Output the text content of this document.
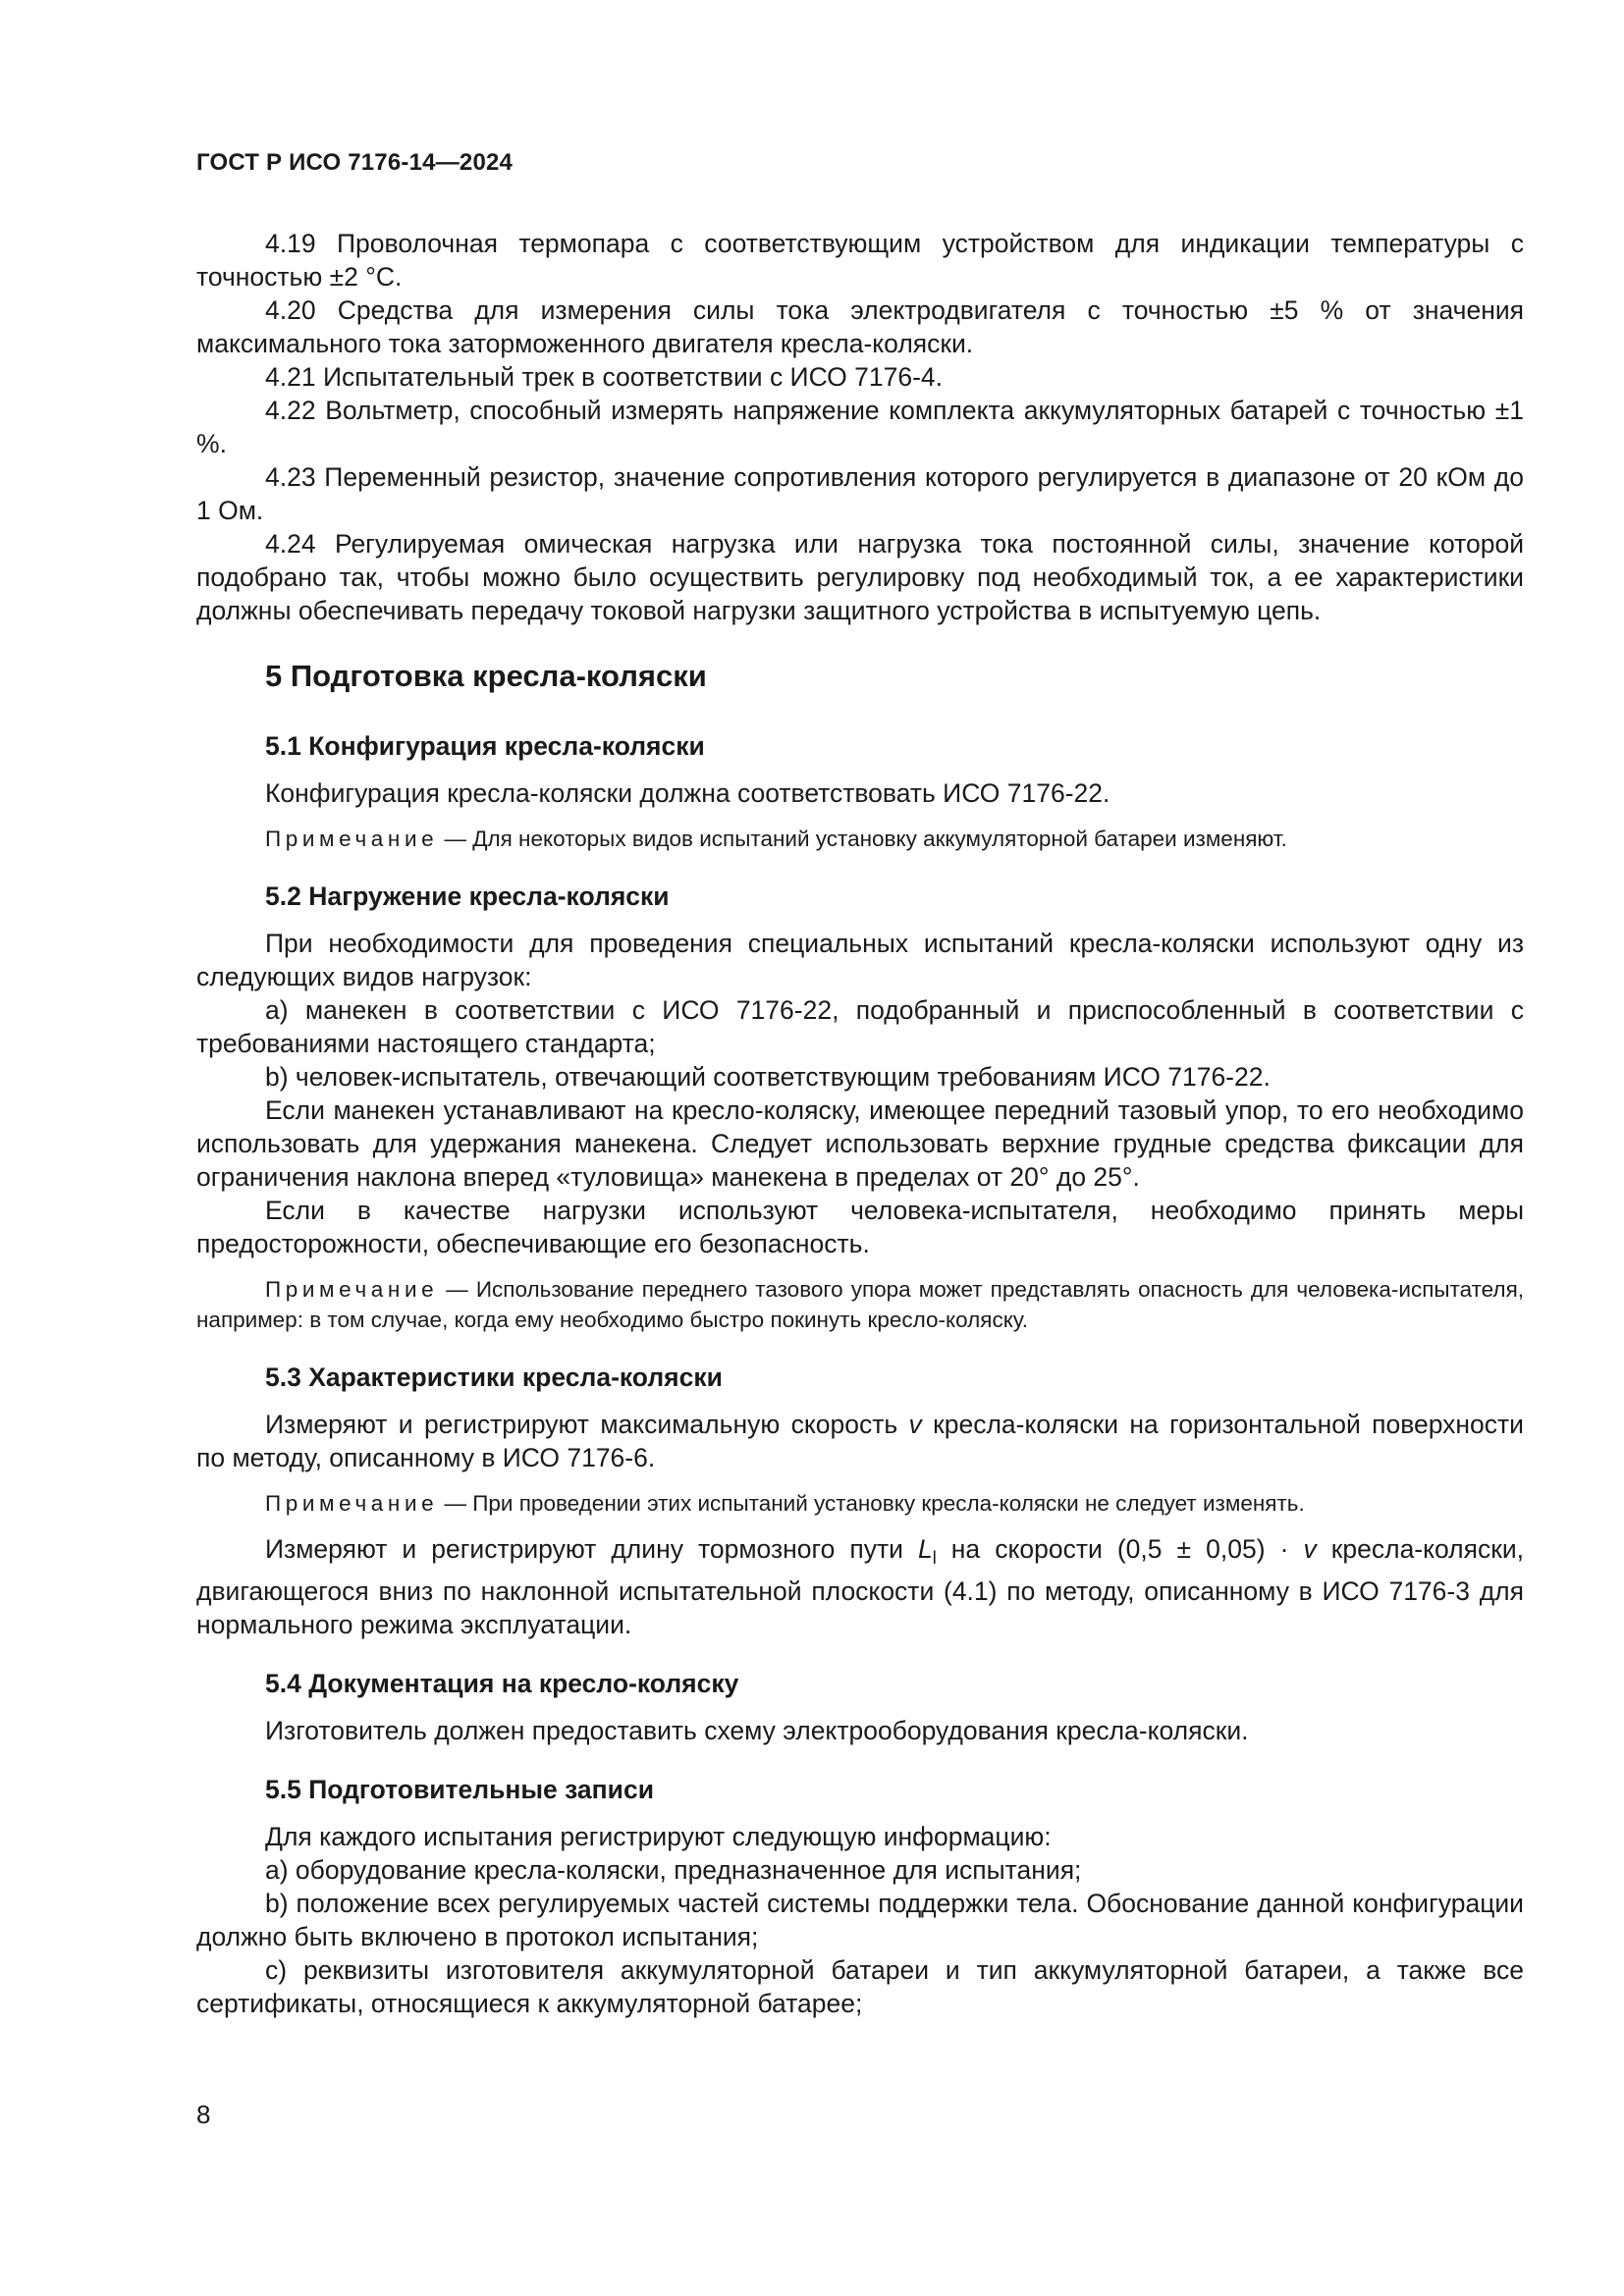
ГОСТ Р ИСО 7176-14—2024

4.19 Проволочная термопара с соответствующим устройством для индикации температуры с точностью ±2 °C.

4.20 Средства для измерения силы тока электродвигателя с точностью ±5 % от значения максимального тока заторможенного двигателя кресла-коляски.

4.21 Испытательный трек в соответствии с ИСО 7176-4.

4.22 Вольтметр, способный измерять напряжение комплекта аккумуляторных батарей с точностью ±1 %.

4.23 Переменный резистор, значение сопротивления которого регулируется в диапазоне от 20 кОм до 1 Ом.

4.24 Регулируемая омическая нагрузка или нагрузка тока постоянной силы, значение которой подобрано так, чтобы можно было осуществить регулировку под необходимый ток, а ее характеристики должны обеспечивать передачу токовой нагрузки защитного устройства в испытуемую цепь.

5 Подготовка кресла-коляски

5.1 Конфигурация кресла-коляски

Конфигурация кресла-коляски должна соответствовать ИСО 7176-22.

Примечание — Для некоторых видов испытаний установку аккумуляторной батареи изменяют.

5.2 Нагружение кресла-коляски

При необходимости для проведения специальных испытаний кресла-коляски используют одну из следующих видов нагрузок:

а) манекен в соответствии с ИСО 7176-22, подобранный и приспособленный в соответствии с требованиями настоящего стандарта;

b) человек-испытатель, отвечающий соответствующим требованиям ИСО 7176-22.

Если манекен устанавливают на кресло-коляску, имеющее передний тазовый упор, то его необходимо использовать для удержания манекена. Следует использовать верхние грудные средства фиксации для ограничения наклона вперед «туловища» манекена в пределах от 20° до 25°.

Если в качестве нагрузки используют человека-испытателя, необходимо принять меры предосторожности, обеспечивающие его безопасность.

Примечание — Использование переднего тазового упора может представлять опасность для человека-испытателя, например: в том случае, когда ему необходимо быстро покинуть кресло-коляску.

5.3 Характеристики кресла-коляски

Измеряют и регистрируют максимальную скорость v кресла-коляски на горизонтальной поверхности по методу, описанному в ИСО 7176-6.

Примечание — При проведении этих испытаний установку кресла-коляски не следует изменять.

Измеряют и регистрируют длину тормозного пути $L_l$ на скорости (0,5 ± 0,05) · v кресла-коляски, двигающегося вниз по наклонной испытательной плоскости (4.1) по методу, описанному в ИСО 7176-3 для нормального режима эксплуатации.

5.4 Документация на кресло-коляску

Изготовитель должен предоставить схему электрооборудования кресла-коляски.

5.5 Подготовительные записи

Для каждого испытания регистрируют следующую информацию:

а) оборудование кресла-коляски, предназначенное для испытания;

b) положение всех регулируемых частей системы поддержки тела. Обоснование данной конфигурации должно быть включено в протокол испытания;

с) реквизиты изготовителя аккумуляторной батареи и тип аккумуляторной батареи, а также все сертификаты, относящиеся к аккумуляторной батарее;

8
